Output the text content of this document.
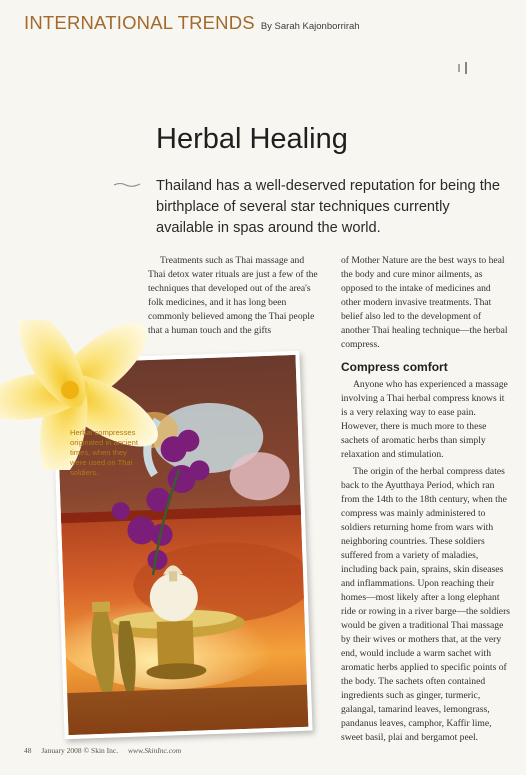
INTERNATIONAL TRENDS By Sarah Kajonborrirah
Herbal Healing
Thailand has a well-deserved reputation for being the birthplace of several star techniques currently available in spas around the world.

Treatments such as Thai massage and Thai detox water rituals are just a few of the techniques that developed out of the area's folk medicines, and it has long been commonly believed among the Thai people that a human touch and the gifts

of Mother Nature are the best ways to heal the body and cure minor ailments, as opposed to the intake of medicines and other modern invasive treatments. That belief also led to the development of another Thai healing technique—the herbal compress.

Compress comfort

Anyone who has experienced a massage involving a Thai herbal compress knows it is a very relaxing way to ease pain. However, there is much more to these sachets of aromatic herbs than simply relaxation and stimulation.

The origin of the herbal compress dates back to the Ayutthaya Period, which ran from the 14th to the 18th century, when the compress was mainly administered to soldiers returning home from wars with neighboring countries. These soldiers suffered from a variety of maladies, including back pain, sprains, skin diseases and inflammations. Upon reaching their homes—most likely after a long elephant ride or rowing in a river barge—the soldiers would be given a traditional Thai massage by their wives or mothers that, at the very end, would include a warm sachet with aromatic herbs applied to specific points of the body. The sachets often contained ingredients such as ginger, turmeric, galangal, tamarind leaves, lemongrass, pandanus leaves, camphor, Kaffir lime, sweet basil, plai and bergamot peel.

Herbal compresses originated in ancient times, when they were used on Thai soldiers.
48 January 2008 © Skin Inc. www.SkinInc.com
